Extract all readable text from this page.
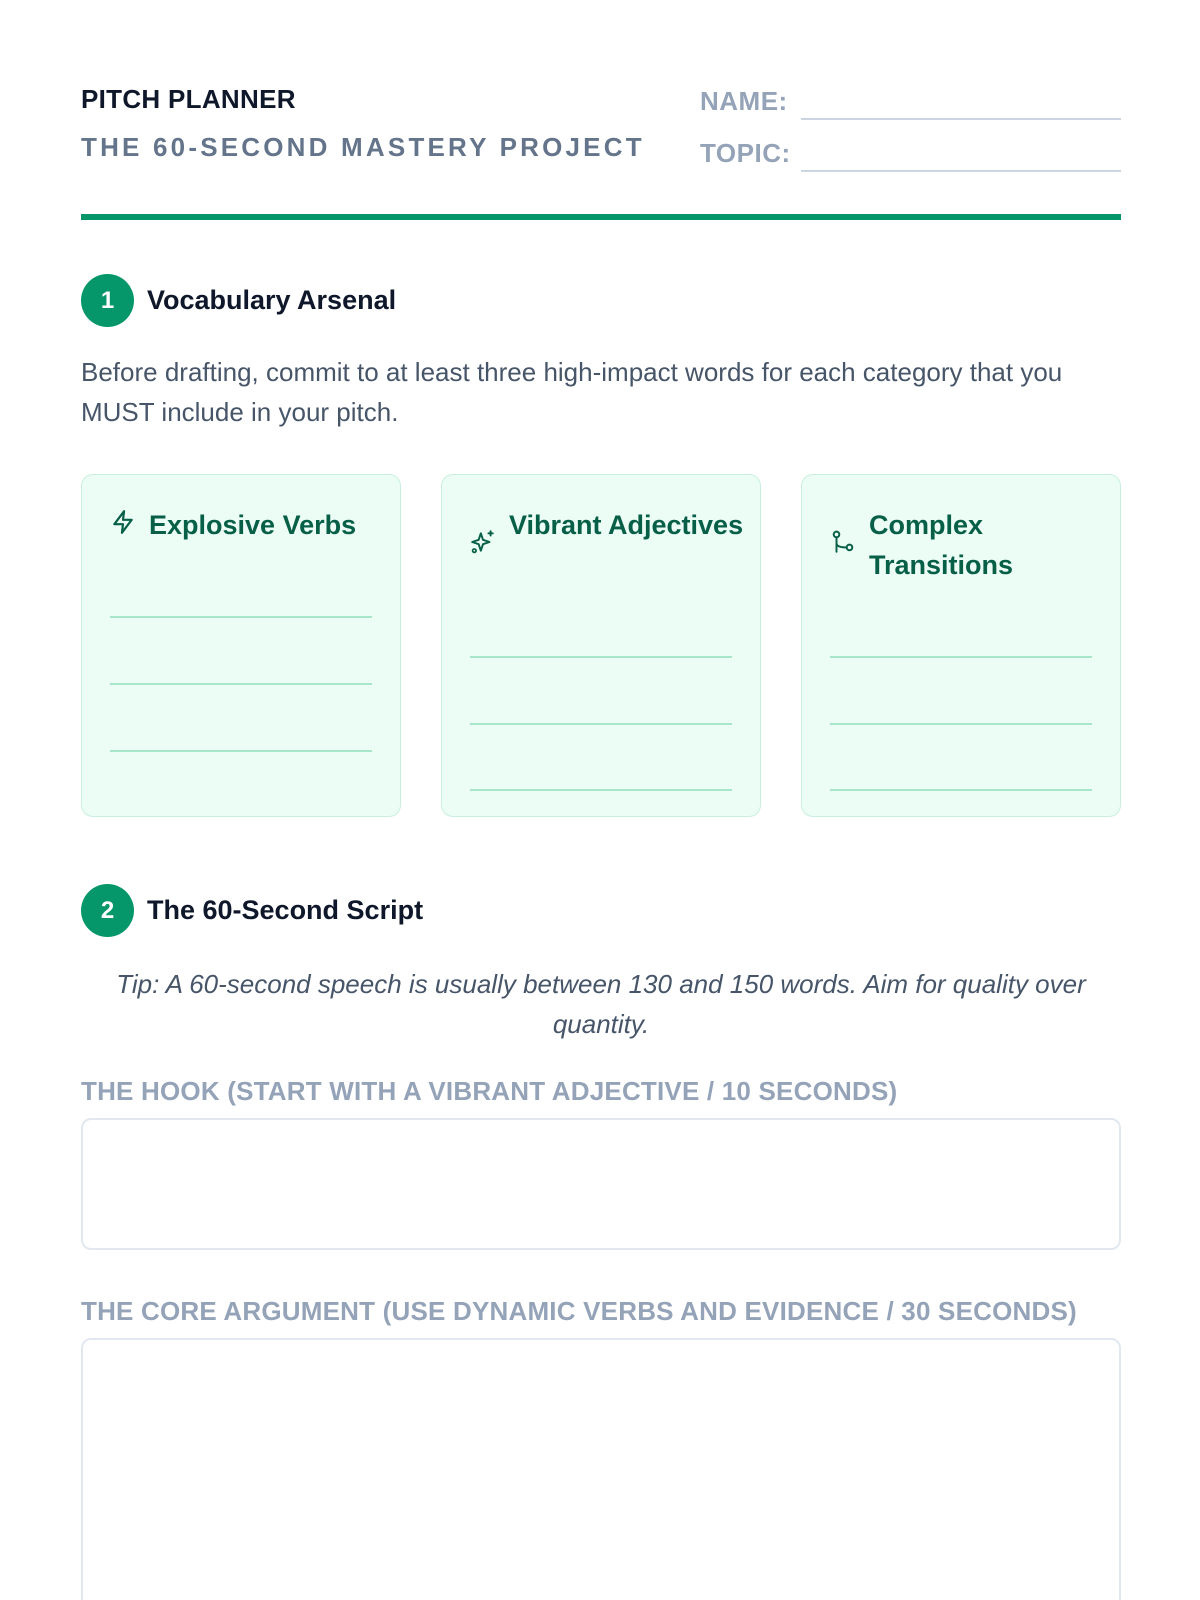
PITCH PLANNER
THE 60-SECOND MASTERY PROJECT
NAME:
TOPIC:
1	Vocabulary Arsenal
Before drafting, commit to at least three high-impact words for each category that you MUST include in your pitch.
Explosive Verbs	Vibrant Adjectives	Complex Transitions
2	The 60-Second Script
Tip: A 60-second speech is usually between 130 and 150 words. Aim for quality over quantity.
THE HOOK (START WITH A VIBRANT ADJECTIVE / 10 SECONDS)
THE CORE ARGUMENT (USE DYNAMIC VERBS AND EVIDENCE / 30 SECONDS)
